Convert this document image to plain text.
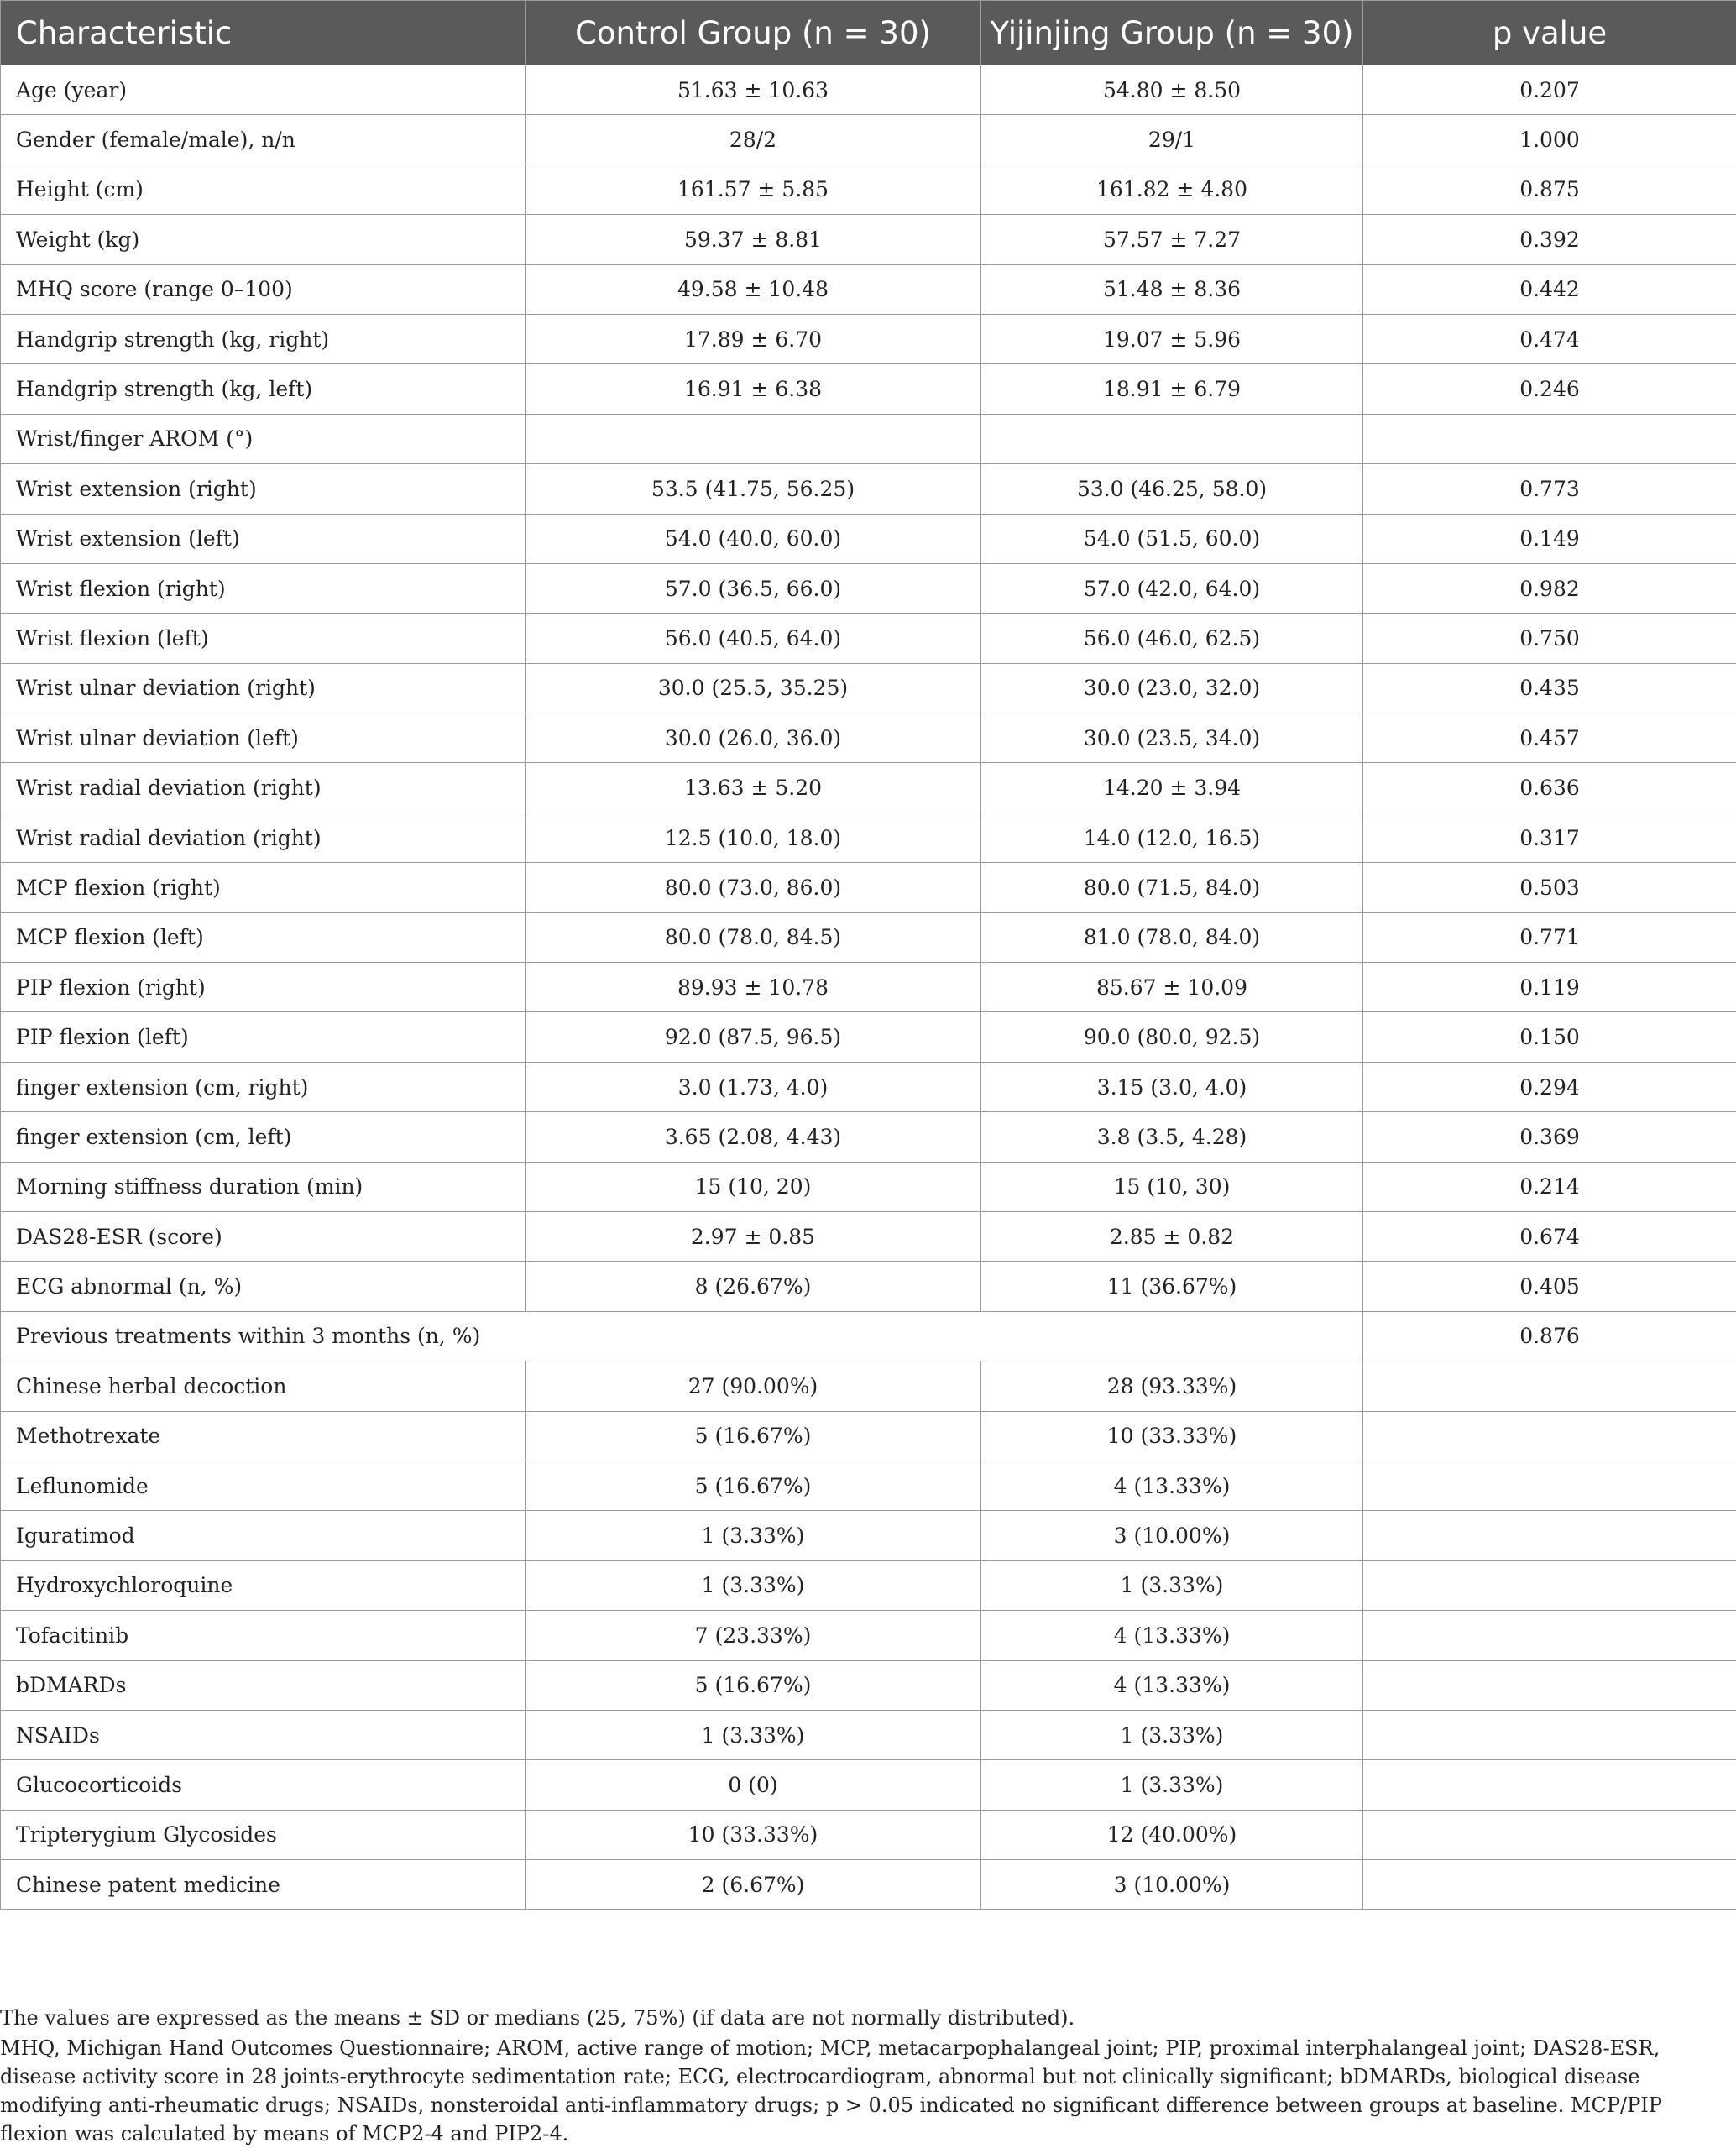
Characteristic	Control Group (n = 30)	Yijinjing Group (n = 30)	p value
Age (year)	51.63 ± 10.63	54.80 ± 8.50	0.207
Gender (female/male), n/n	28/2	29/1	1.000
Height (cm)	161.57 ± 5.85	161.82 ± 4.80	0.875
Weight (kg)	59.37 ± 8.81	57.57 ± 7.27	0.392
MHQ score (range 0–100)	49.58 ± 10.48	51.48 ± 8.36	0.442
Handgrip strength (kg, right)	17.89 ± 6.70	19.07 ± 5.96	0.474
Handgrip strength (kg, left)	16.91 ± 6.38	18.91 ± 6.79	0.246
Wrist/finger AROM (°)			
Wrist extension (right)	53.5 (41.75, 56.25)	53.0 (46.25, 58.0)	0.773
Wrist extension (left)	54.0 (40.0, 60.0)	54.0 (51.5, 60.0)	0.149
Wrist flexion (right)	57.0 (36.5, 66.0)	57.0 (42.0, 64.0)	0.982
Wrist flexion (left)	56.0 (40.5, 64.0)	56.0 (46.0, 62.5)	0.750
Wrist ulnar deviation (right)	30.0 (25.5, 35.25)	30.0 (23.0, 32.0)	0.435
Wrist ulnar deviation (left)	30.0 (26.0, 36.0)	30.0 (23.5, 34.0)	0.457
Wrist radial deviation (right)	13.63 ± 5.20	14.20 ± 3.94	0.636
Wrist radial deviation (right)	12.5 (10.0, 18.0)	14.0 (12.0, 16.5)	0.317
MCP flexion (right)	80.0 (73.0, 86.0)	80.0 (71.5, 84.0)	0.503
MCP flexion (left)	80.0 (78.0, 84.5)	81.0 (78.0, 84.0)	0.771
PIP flexion (right)	89.93 ± 10.78	85.67 ± 10.09	0.119
PIP flexion (left)	92.0 (87.5, 96.5)	90.0 (80.0, 92.5)	0.150
finger extension (cm, right)	3.0 (1.73, 4.0)	3.15 (3.0, 4.0)	0.294
finger extension (cm, left)	3.65 (2.08, 4.43)	3.8 (3.5, 4.28)	0.369
Morning stiffness duration (min)	15 (10, 20)	15 (10, 30)	0.214
DAS28-ESR (score)	2.97 ± 0.85	2.85 ± 0.82	0.674
ECG abnormal (n, %)	8 (26.67%)	11 (36.67%)	0.405
Previous treatments within 3 months (n, %)			0.876
Chinese herbal decoction	27 (90.00%)	28 (93.33%)	
Methotrexate	5 (16.67%)	10 (33.33%)	
Leflunomide	5 (16.67%)	4 (13.33%)	
Iguratimod	1 (3.33%)	3 (10.00%)	
Hydroxychloroquine	1 (3.33%)	1 (3.33%)	
Tofacitinib	7 (23.33%)	4 (13.33%)	
bDMARDs	5 (16.67%)	4 (13.33%)	
NSAIDs	1 (3.33%)	1 (3.33%)	
Glucocorticoids	0 (0)	1 (3.33%)	
Tripterygium Glycosides	10 (33.33%)	12 (40.00%)	
Chinese patent medicine	2 (6.67%)	3 (10.00%)	
The values are expressed as the means ± SD or medians (25, 75%) (if data are not normally distributed).
MHQ, Michigan Hand Outcomes Questionnaire; AROM, active range of motion; MCP, metacarpophalangeal joint; PIP, proximal interphalangeal joint; DAS28-ESR, disease activity score in 28 joints-erythrocyte sedimentation rate; ECG, electrocardiogram, abnormal but not clinically significant; bDMARDs, biological disease modifying anti-rheumatic drugs; NSAIDs, nonsteroidal anti-inflammatory drugs; p > 0.05 indicated no significant difference between groups at baseline. MCP/PIP flexion was calculated by means of MCP2-4 and PIP2-4.
